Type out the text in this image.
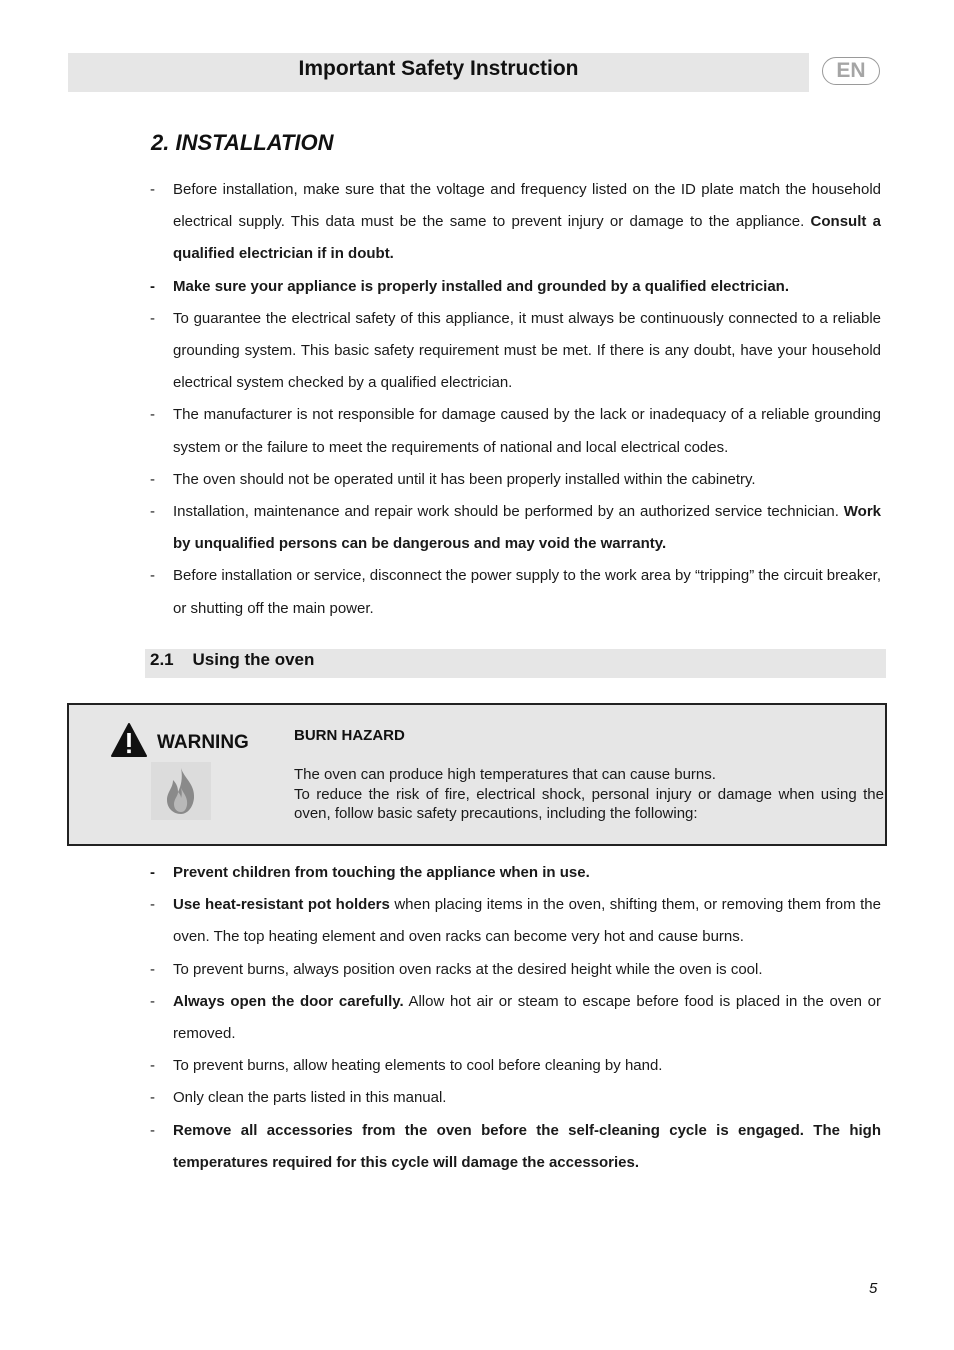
Important Safety Instruction	EN
2. INSTALLATION
-	Before installation, make sure that the voltage and frequency listed on the ID plate match the household electrical supply. This data must be the same to prevent injury or damage to the appliance. Consult a qualified electrician if in doubt.
-	Make sure your appliance is properly installed and grounded by a qualified electrician.
-	To guarantee the electrical safety of this appliance, it must always be continuously connected to a reliable grounding system. This basic safety requirement must be met. If there is any doubt, have your household electrical system checked by a qualified electrician.
-	The manufacturer is not responsible for damage caused by the lack or inadequacy of a reliable grounding system or the failure to meet the requirements of national and local electrical codes.
-	The oven should not be operated until it has been properly installed within the cabinetry.
-	Installation, maintenance and repair work should be performed by an authorized service technician. Work by unqualified persons can be dangerous and may void the warranty.
-	Before installation or service, disconnect the power supply to the work area by “tripping” the circuit breaker, or shutting off the main power.
2.1    Using the oven
WARNING	BURN HAZARD
The oven can produce high temperatures that can cause burns.
To reduce the risk of fire, electrical shock, personal injury or damage when using the oven, follow basic safety precautions, including the following:
-	Prevent children from touching the appliance when in use.
-	Use heat-resistant pot holders when placing items in the oven, shifting them, or removing them from the oven. The top heating element and oven racks can become very hot and cause burns.
-	To prevent burns, always position oven racks at the desired height while the oven is cool.
-	Always open the door carefully. Allow hot air or steam to escape before food is placed in the oven or removed.
-	To prevent burns, allow heating elements to cool before cleaning by hand.
-	Only clean the parts listed in this manual.
-	Remove all accessories from the oven before the self-cleaning cycle is engaged. The high temperatures required for this cycle will damage the accessories.
5
